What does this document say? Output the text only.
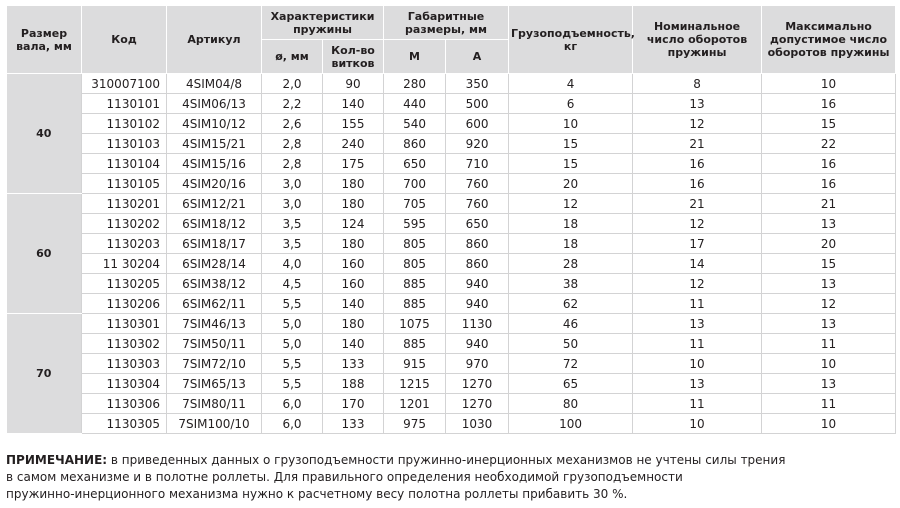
Размер вала, мм	Код	Артикул	Характеристики пружины		Габаритные размеры, мм		Грузоподъемность, кг	Номинальное число оборотов пружины	Максимально допустимое число оборотов пружины
			ø, мм	Кол-во витков	М	А			
40	310007100	4SIM04/8	2,0	90	280	350	4	8	10
	1130101	4SIM06/13	2,2	140	440	500	6	13	16
	1130102	4SIM10/12	2,6	155	540	600	10	12	15
	1130103	4SIM15/21	2,8	240	860	920	15	21	22
	1130104	4SIM15/16	2,8	175	650	710	15	16	16
	1130105	4SIM20/16	3,0	180	700	760	20	16	16
60	1130201	6SIM12/21	3,0	180	705	760	12	21	21
	1130202	6SIM18/12	3,5	124	595	650	18	12	13
	1130203	6SIM18/17	3,5	180	805	860	18	17	20
	11 30204	6SIM28/14	4,0	160	805	860	28	14	15
	1130205	6SIM38/12	4,5	160	885	940	38	12	13
	1130206	6SIM62/11	5,5	140	885	940	62	11	12
70	1130301	7SIM46/13	5,0	180	1075	1130	46	13	13
	1130302	7SIM50/11	5,0	140	885	940	50	11	11
	1130303	7SIM72/10	5,5	133	915	970	72	10	10
	1130304	7SIM65/13	5,5	188	1215	1270	65	13	13
	1130306	7SIM80/11	6,0	170	1201	1270	80	11	11
	1130305	7SIM100/10	6,0	133	975	1030	100	10	10

ПРИМЕЧАНИЕ: в приведенных данных о грузоподъемности пружинно-инерционных механизмов не учтены силы трения
в самом механизме и в полотне роллеты. Для правильного определения необходимой грузоподъемности
пружинно-инерционного механизма нужно к расчетному весу полотна роллеты прибавить 30 %.
